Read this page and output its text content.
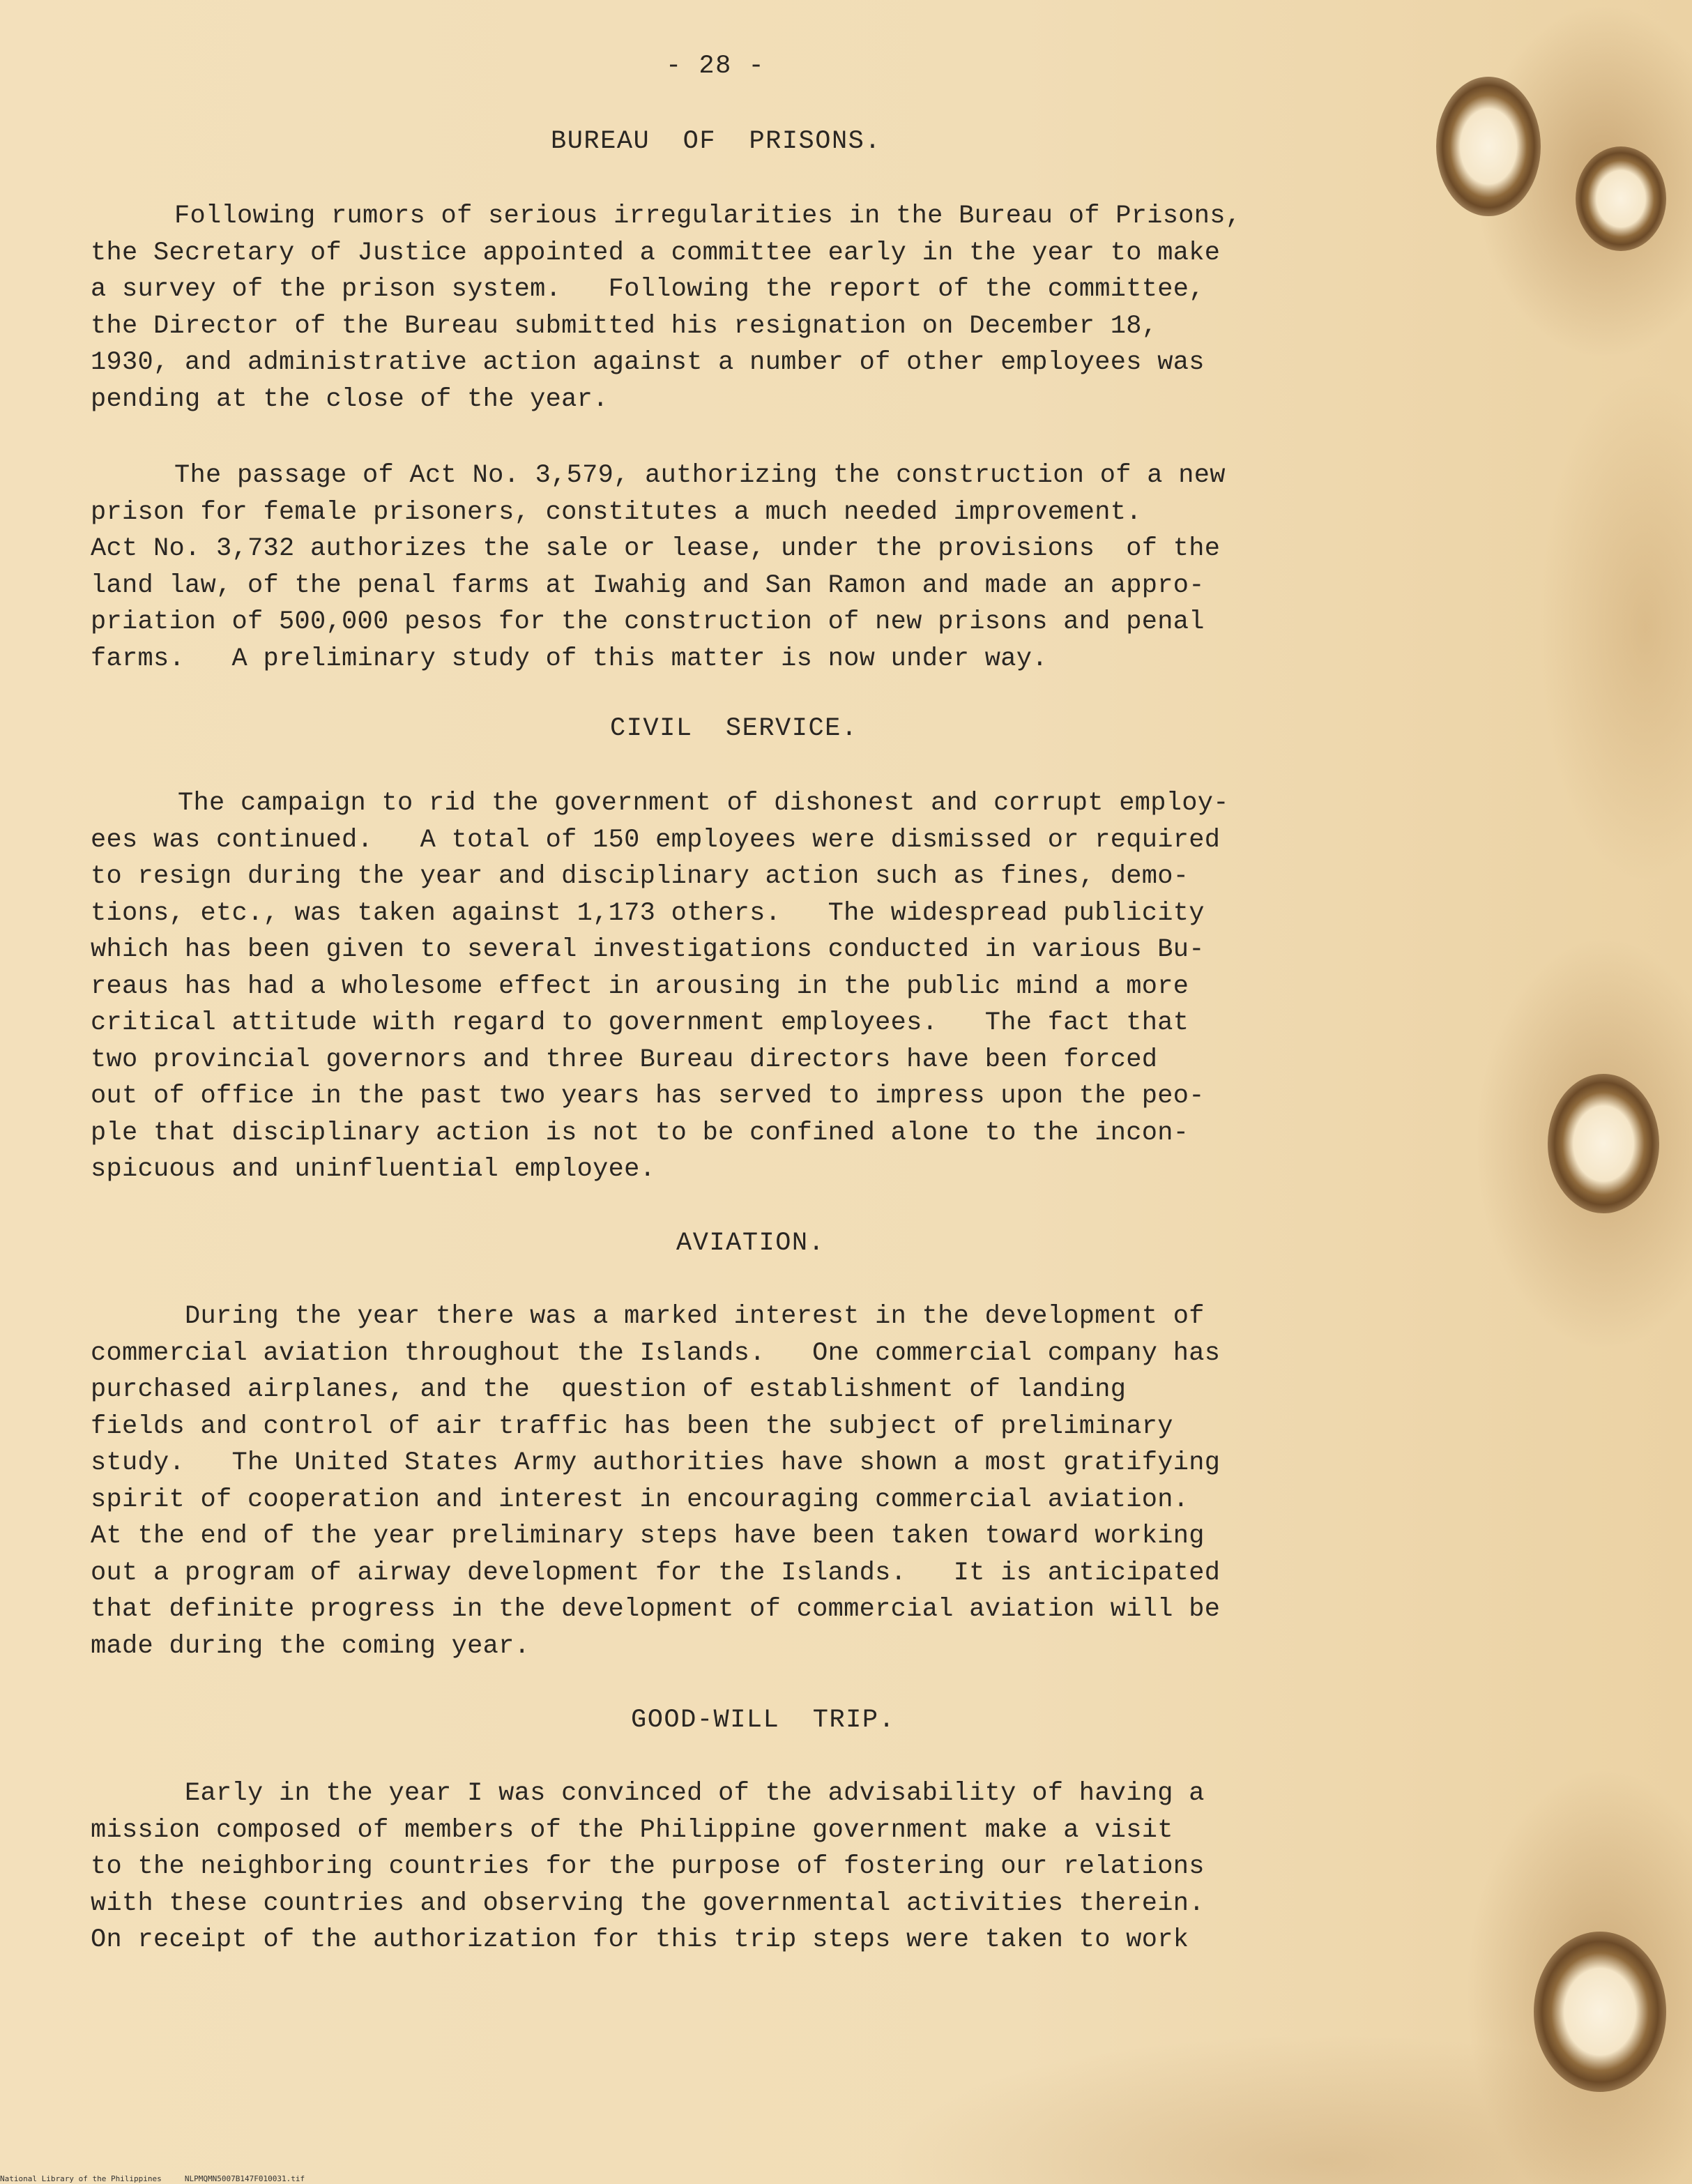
- 28 -
BUREAU  OF  PRISONS.
Following rumors of serious irregularities in the Bureau of Prisons,
the Secretary of Justice appointed a committee early in the year to make
a survey of the prison system.   Following the report of the committee,
the Director of the Bureau submitted his resignation on December 18,
1930, and administrative action against a number of other employees was
pending at the close of the year.
The passage of Act No. 3,579, authorizing the construction of a new
prison for female prisoners, constitutes a much needed improvement.
Act No. 3,732 authorizes the sale or lease, under the provisions  of the
land law, of the penal farms at Iwahig and San Ramon and made an appro-
priation of 500,000 pesos for the construction of new prisons and penal
farms.   A preliminary study of this matter is now under way.
CIVIL  SERVICE.
The campaign to rid the government of dishonest and corrupt employ-
ees was continued.   A total of 150 employees were dismissed or required
to resign during the year and disciplinary action such as fines, demo-
tions, etc., was taken against 1,173 others.   The widespread publicity
which has been given to several investigations conducted in various Bu-
reaus has had a wholesome effect in arousing in the public mind a more
critical attitude with regard to government employees.   The fact that
two provincial governors and three Bureau directors have been forced
out of office in the past two years has served to impress upon the peo-
ple that disciplinary action is not to be confined alone to the incon-
spicuous and uninfluential employee.
AVIATION.
During the year there was a marked interest in the development of
commercial aviation throughout the Islands.   One commercial company has
purchased airplanes, and the  question of establishment of landing
fields and control of air traffic has been the subject of preliminary
study.   The United States Army authorities have shown a most gratifying
spirit of cooperation and interest in encouraging commercial aviation.
At the end of the year preliminary steps have been taken toward working
out a program of airway development for the Islands.   It is anticipated
that definite progress in the development of commercial aviation will be
made during the coming year.
GOOD-WILL  TRIP.
Early in the year I was convinced of the advisability of having a
mission composed of members of the Philippine government make a visit
to the neighboring countries for the purpose of fostering our relations
with these countries and observing the governmental activities therein.
On receipt of the authorization for this trip steps were taken to work
National Library of the Philippines     NLPMQMN5007B147F010031.tif
